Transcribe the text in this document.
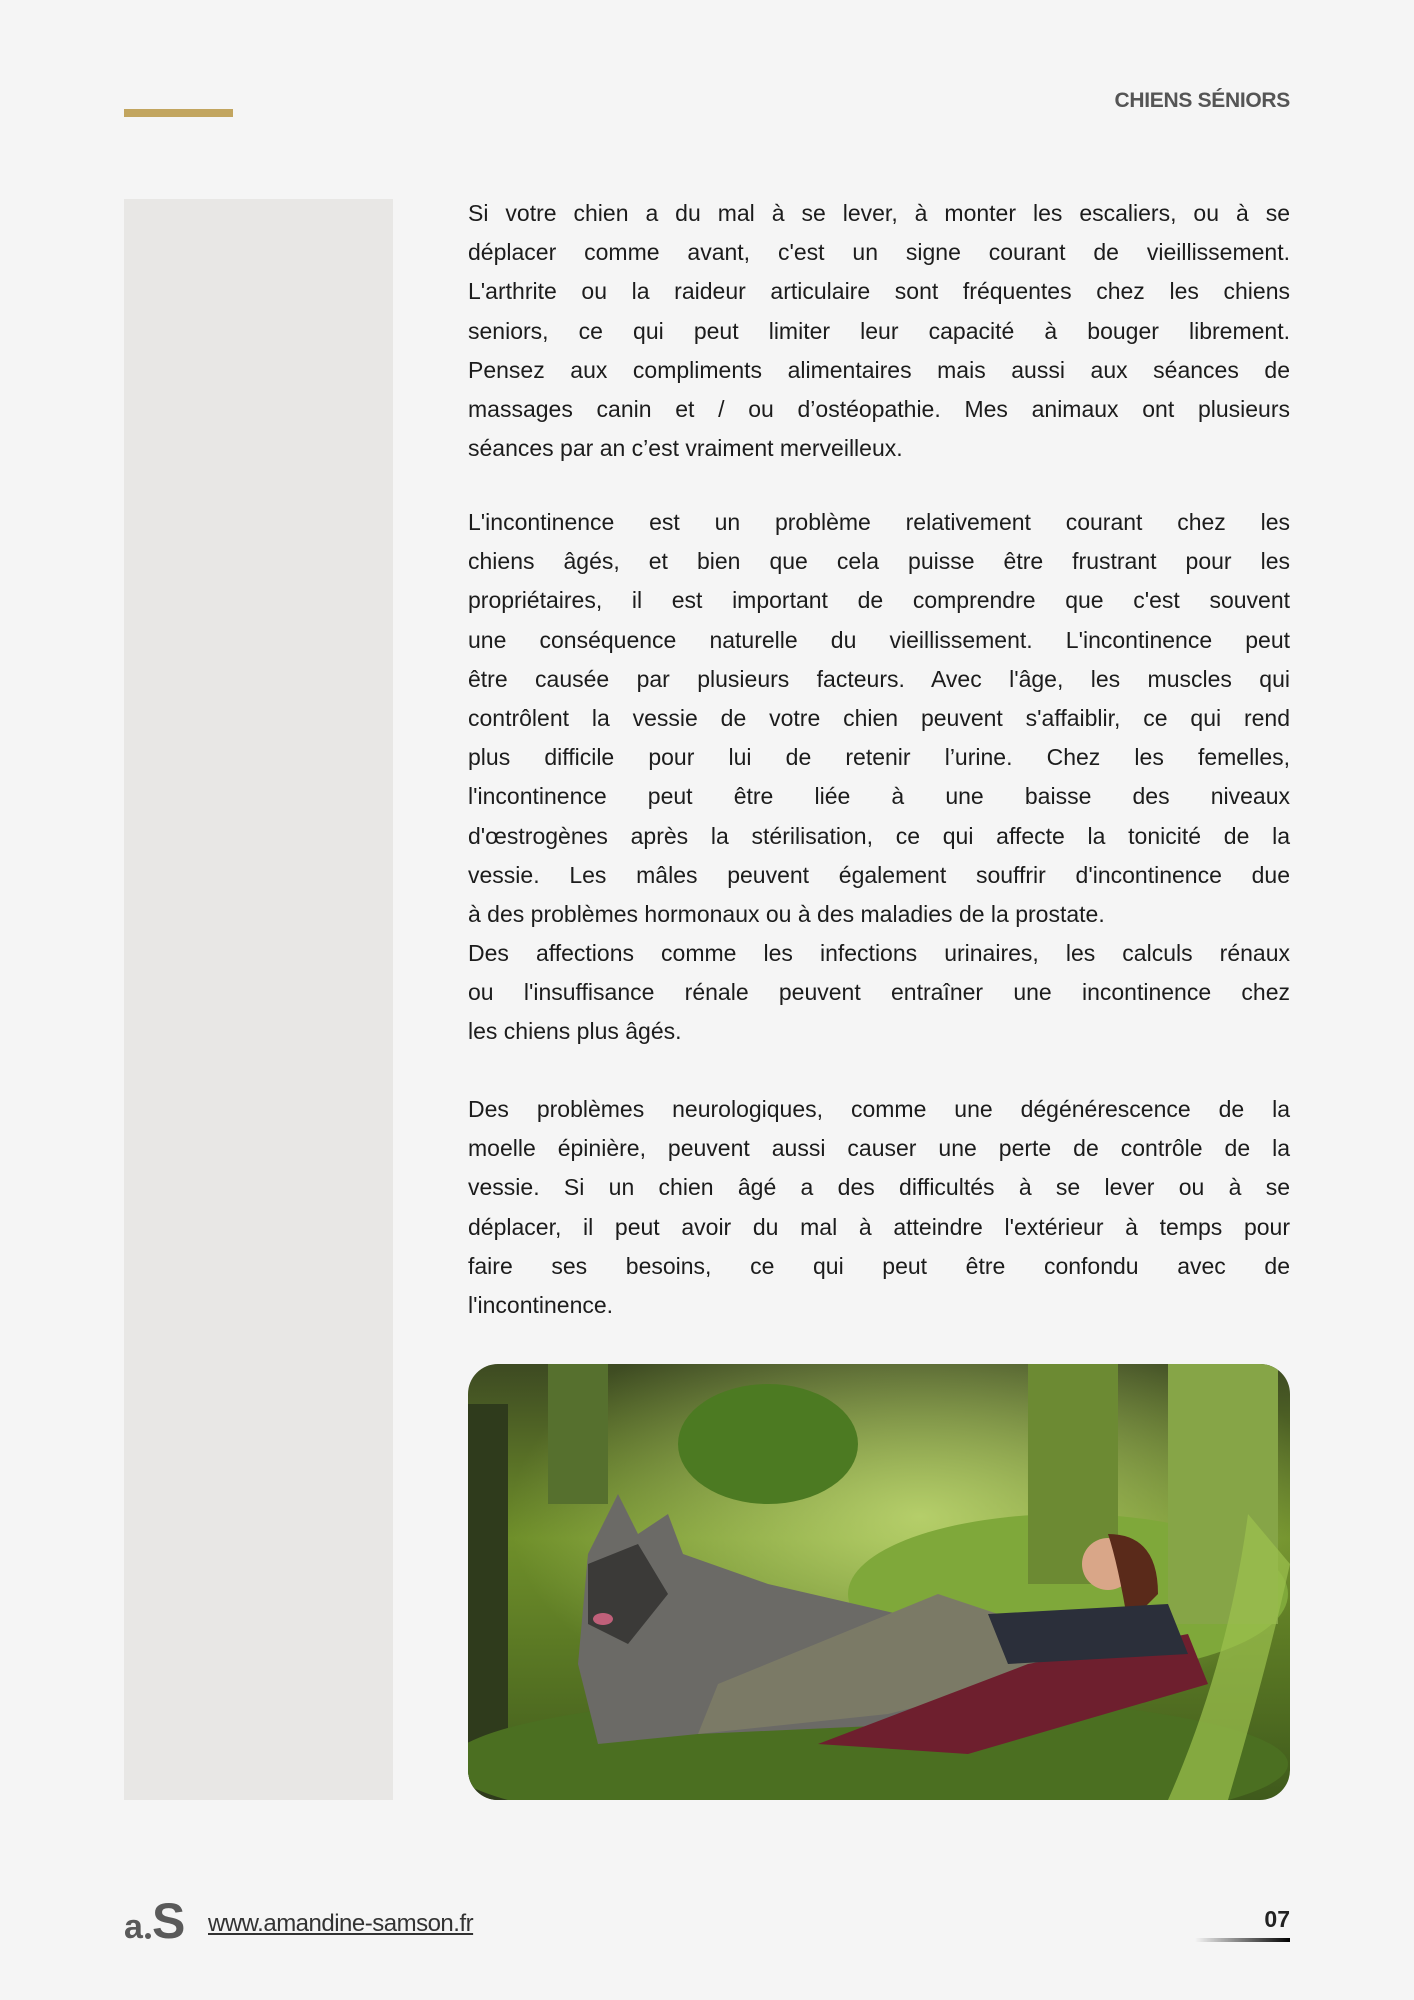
CHIENS SÉNIORS
Si votre chien a du mal à se lever, à monter les escaliers, ou à se
déplacer comme avant, c'est un signe courant de vieillissement.
L'arthrite ou la raideur articulaire sont fréquentes chez les chiens
seniors, ce qui peut limiter leur capacité à bouger librement.
Pensez aux compliments alimentaires mais aussi aux séances de
massages canin et / ou d’ostéopathie. Mes animaux ont plusieurs
séances par an c’est vraiment merveilleux.
L'incontinence est un problème relativement courant chez les
chiens âgés, et bien que cela puisse être frustrant pour les
propriétaires, il est important de comprendre que c'est souvent
une conséquence naturelle du vieillissement. L'incontinence peut
être causée par plusieurs facteurs. Avec l'âge, les muscles qui
contrôlent la vessie de votre chien peuvent s'affaiblir, ce qui rend
plus difficile pour lui de retenir l’urine. Chez les femelles,
l'incontinence peut être liée à une baisse des niveaux
d'œstrogènes après la stérilisation, ce qui affecte la tonicité de la
vessie. Les mâles peuvent également souffrir d'incontinence due
à des problèmes hormonaux ou à des maladies de la prostate.
Des affections comme les infections urinaires, les calculs rénaux
ou l'insuffisance rénale peuvent entraîner une incontinence chez
les chiens plus âgés.
Des problèmes neurologiques, comme une dégénérescence de la
moelle épinière, peuvent aussi causer une perte de contrôle de la
vessie. Si un chien âgé a des difficultés à se lever ou à se
déplacer, il peut avoir du mal à atteindre l'extérieur à temps pour
faire ses besoins, ce qui peut être confondu avec de
l'incontinence.
a S www.amandine-samson.fr	07
